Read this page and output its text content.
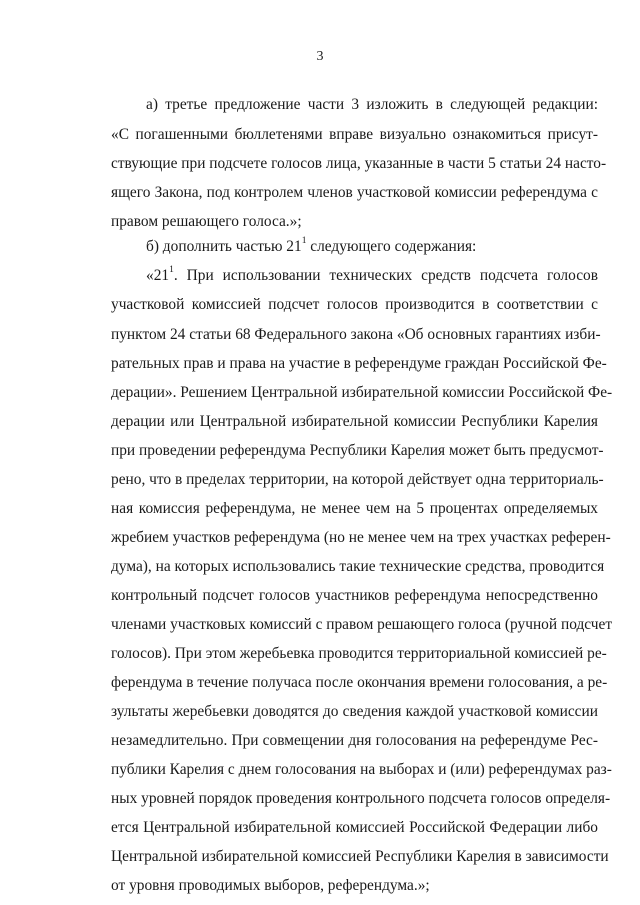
3
а) третье предложение части 3 изложить в следующей редакции:
«С погашенными бюллетенями вправе визуально ознакомиться присут-
ствующие при подсчете голосов лица, указанные в части 5 статьи 24 насто-
ящего Закона, под контролем членов участковой комиссии референдума с
правом решающего голоса.»;
б) дополнить частью $21^1$ следующего содержания:
«$21^1$. При использовании технических средств подсчета голосов
участковой комиссией подсчет голосов производится в соответствии с
пунктом 24 статьи 68 Федерального закона «Об основных гарантиях изби-
рательных прав и права на участие в референдуме граждан Российской Фе-
дерации». Решением Центральной избирательной комиссии Российской Фе-
дерации или Центральной избирательной комиссии Республики Карелия
при проведении референдума Республики Карелия может быть предусмот-
рено, что в пределах территории, на которой действует одна территориаль-
ная комиссия референдума, не менее чем на 5 процентах определяемых
жребием участков референдума (но не менее чем на трех участках референ-
дума), на которых использовались такие технические средства, проводится
контрольный подсчет голосов участников референдума непосредственно
членами участковых комиссий с правом решающего голоса (ручной подсчет
голосов). При этом жеребьевка проводится территориальной комиссией ре-
ферендума в течение получаса после окончания времени голосования, а ре-
зультаты жеребьевки доводятся до сведения каждой участковой комиссии
незамедлительно. При совмещении дня голосования на референдуме Рес-
публики Карелия с днем голосования на выборах и (или) референдумах раз-
ных уровней порядок проведения контрольного подсчета голосов определя-
ется Центральной избирательной комиссией Российской Федерации либо
Центральной избирательной комиссией Республики Карелия в зависимости
от уровня проводимых выборов, референдума.»;
